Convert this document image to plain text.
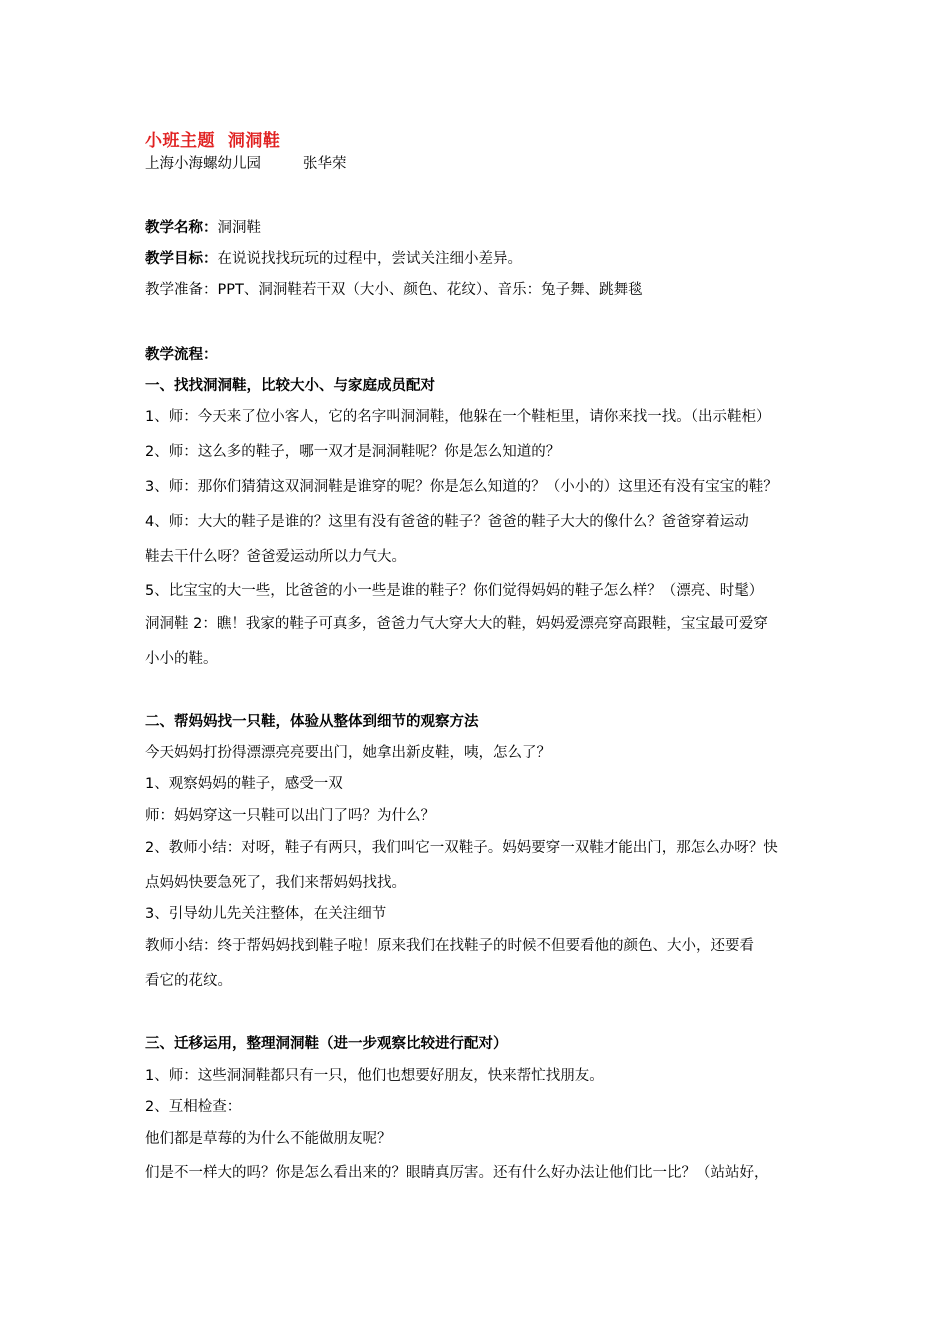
小班主题  洞洞鞋
上海小海螺幼儿园	张华荣
教学名称：洞洞鞋
教学目标：在说说找找玩玩的过程中，尝试关注细小差异。
教学准备：PPT、洞洞鞋若干双（大小、颜色、花纹）、音乐：兔子舞、跳舞毯
教学流程：
一、找找洞洞鞋，比较大小、与家庭成员配对
1、师：今天来了位小客人，它的名字叫洞洞鞋，他躲在一个鞋柜里，请你来找一找。（出示鞋柜）
2、师：这么多的鞋子，哪一双才是洞洞鞋呢？你是怎么知道的？
3、师：那你们猜猜这双洞洞鞋是谁穿的呢？你是怎么知道的？（小小的）这里还有没有宝宝的鞋？
4、师：大大的鞋子是谁的？这里有没有爸爸的鞋子？爸爸的鞋子大大的像什么？爸爸穿着运动
鞋去干什么呀？爸爸爱运动所以力气大。
5、比宝宝的大一些，比爸爸的小一些是谁的鞋子？你们觉得妈妈的鞋子怎么样？（漂亮、时髦）
洞洞鞋 2：瞧！我家的鞋子可真多，爸爸力气大穿大大的鞋，妈妈爱漂亮穿高跟鞋，宝宝最可爱穿
小小的鞋。
二、帮妈妈找一只鞋，体验从整体到细节的观察方法
今天妈妈打扮得漂漂亮亮要出门，她拿出新皮鞋，咦，怎么了？
1、观察妈妈的鞋子，感受一双
师：妈妈穿这一只鞋可以出门了吗？为什么？
2、教师小结：对呀，鞋子有两只，我们叫它一双鞋子。妈妈要穿一双鞋才能出门，那怎么办呀？快
点妈妈快要急死了，我们来帮妈妈找找。
3、引导幼儿先关注整体，在关注细节
教师小结：终于帮妈妈找到鞋子啦！原来我们在找鞋子的时候不但要看他的颜色、大小，还要看
看它的花纹。
三、迁移运用，整理洞洞鞋（进一步观察比较进行配对）
1、师：这些洞洞鞋都只有一只，他们也想要好朋友，快来帮忙找朋友。
2、互相检查：
他们都是草莓的为什么不能做朋友呢？
们是不一样大的吗？你是怎么看出来的？眼睛真厉害。还有什么好办法让他们比一比？（站站好，
